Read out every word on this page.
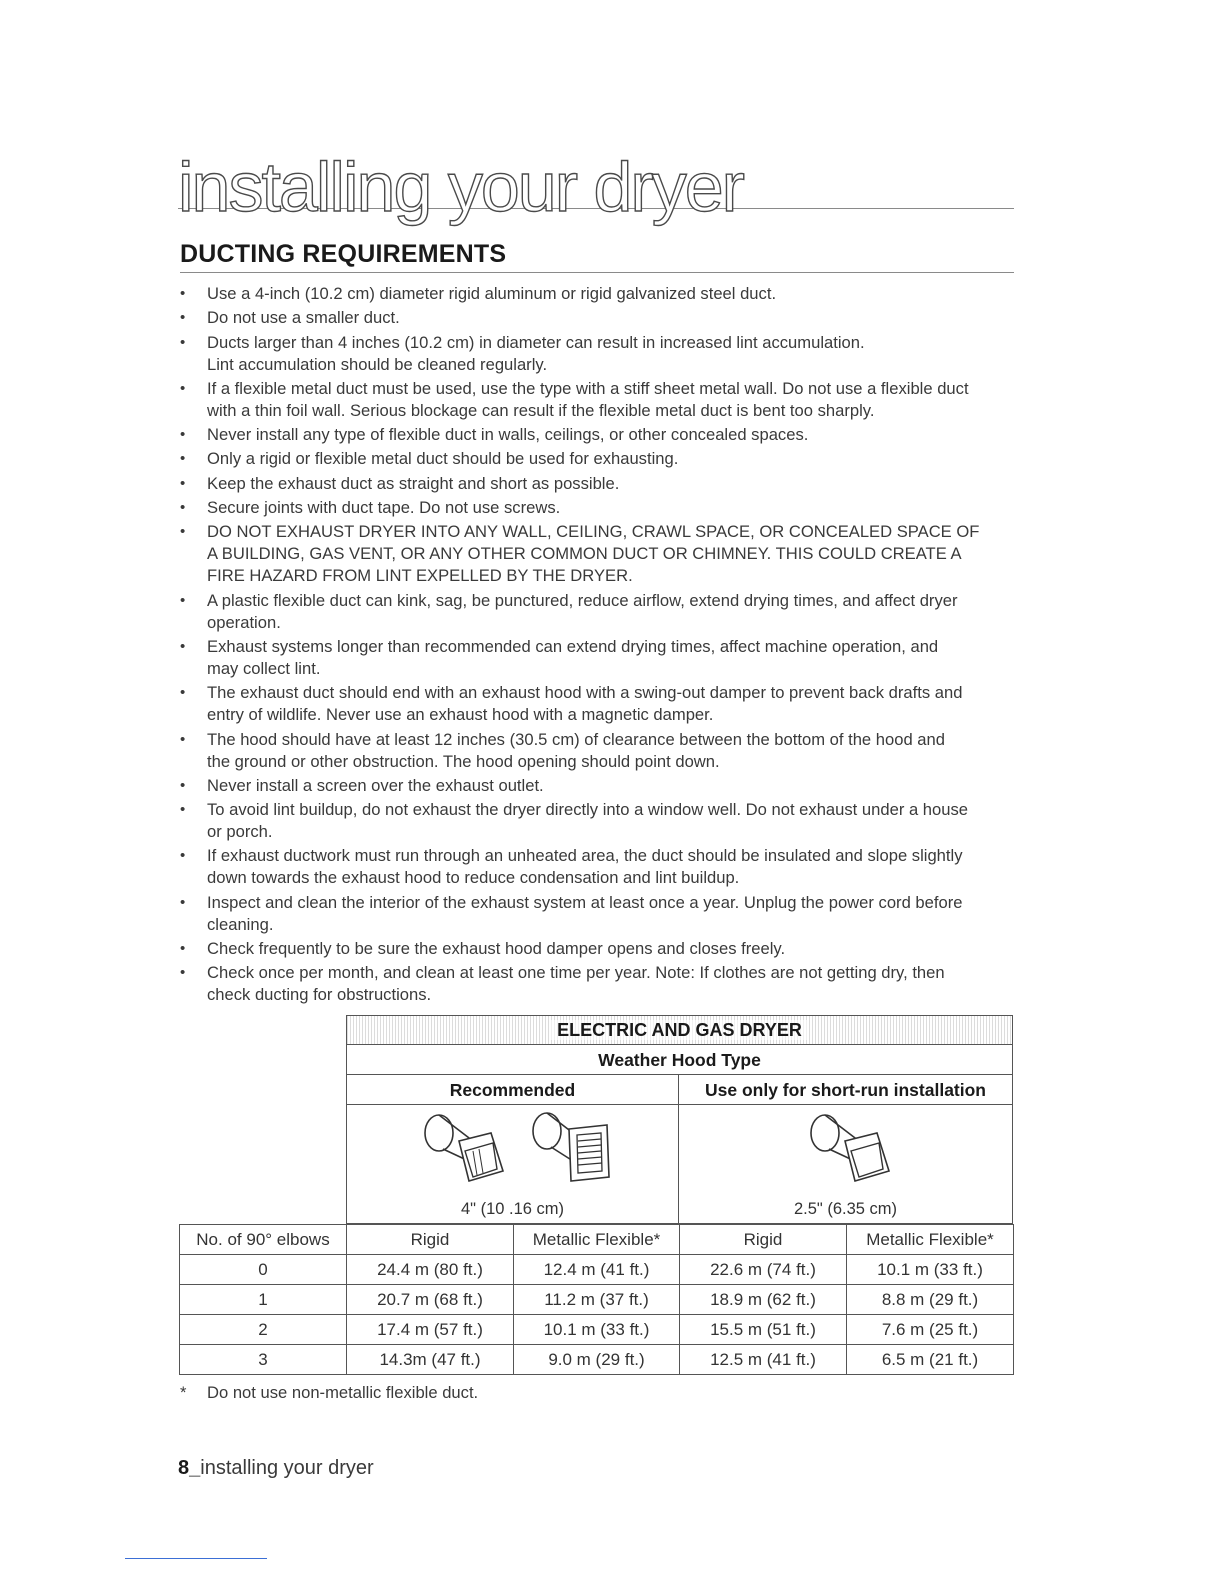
installing your dryer
DUCTING REQUIREMENTS
• Use a 4-inch (10.2 cm) diameter rigid aluminum or rigid galvanized steel duct.
• Do not use a smaller duct.
• Ducts larger than 4 inches (10.2 cm) in diameter can result in increased lint accumulation.
Lint accumulation should be cleaned regularly.
• If a flexible metal duct must be used, use the type with a stiff sheet metal wall. Do not use a flexible duct
with a thin foil wall. Serious blockage can result if the flexible metal duct is bent too sharply.
• Never install any type of flexible duct in walls, ceilings, or other concealed spaces.
• Only a rigid or flexible metal duct should be used for exhausting.
• Keep the exhaust duct as straight and short as possible.
• Secure joints with duct tape. Do not use screws.
• DO NOT EXHAUST DRYER INTO ANY WALL, CEILING, CRAWL SPACE, OR CONCEALED SPACE OF
A BUILDING, GAS VENT, OR ANY OTHER COMMON DUCT OR CHIMNEY. THIS COULD CREATE A
FIRE HAZARD FROM LINT EXPELLED BY THE DRYER.
• A plastic flexible duct can kink, sag, be punctured, reduce airflow, extend drying times, and affect dryer
operation.
• Exhaust systems longer than recommended can extend drying times, affect machine operation, and
may collect lint.
• The exhaust duct should end with an exhaust hood with a swing-out damper to prevent back drafts and
entry of wildlife. Never use an exhaust hood with a magnetic damper.
• The hood should have at least 12 inches (30.5 cm) of clearance between the bottom of the hood and
the ground or other obstruction. The hood opening should point down.
• Never install a screen over the exhaust outlet.
• To avoid lint buildup, do not exhaust the dryer directly into a window well. Do not exhaust under a house
or porch.
• If exhaust ductwork must run through an unheated area, the duct should be insulated and slope slightly
down towards the exhaust hood to reduce condensation and lint buildup.
• Inspect and clean the interior of the exhaust system at least once a year. Unplug the power cord before
cleaning.
• Check frequently to be sure the exhaust hood damper opens and closes freely.
• Check once per month, and clean at least one time per year. Note: If clothes are not getting dry, then
check ducting for obstructions.
ELECTRIC AND GAS DRYER
Weather Hood Type
Recommended	Use only for short-run installation
4" (10 .16 cm)	2.5" (6.35 cm)
No. of 90° elbows	Rigid	Metallic Flexible*	Rigid	Metallic Flexible*
0	24.4 m (80 ft.)	12.4 m (41 ft.)	22.6 m (74 ft.)	10.1 m (33 ft.)
1	20.7 m (68 ft.)	11.2 m (37 ft.)	18.9 m (62 ft.)	8.8 m (29 ft.)
2	17.4 m (57 ft.)	10.1 m (33 ft.)	15.5 m (51 ft.)	7.6 m (25 ft.)
3	14.3m (47 ft.)	9.0 m (29 ft.)	12.5 m (41 ft.)	6.5 m (21 ft.)
* Do not use non-metallic flexible duct.
8_installing your dryer
